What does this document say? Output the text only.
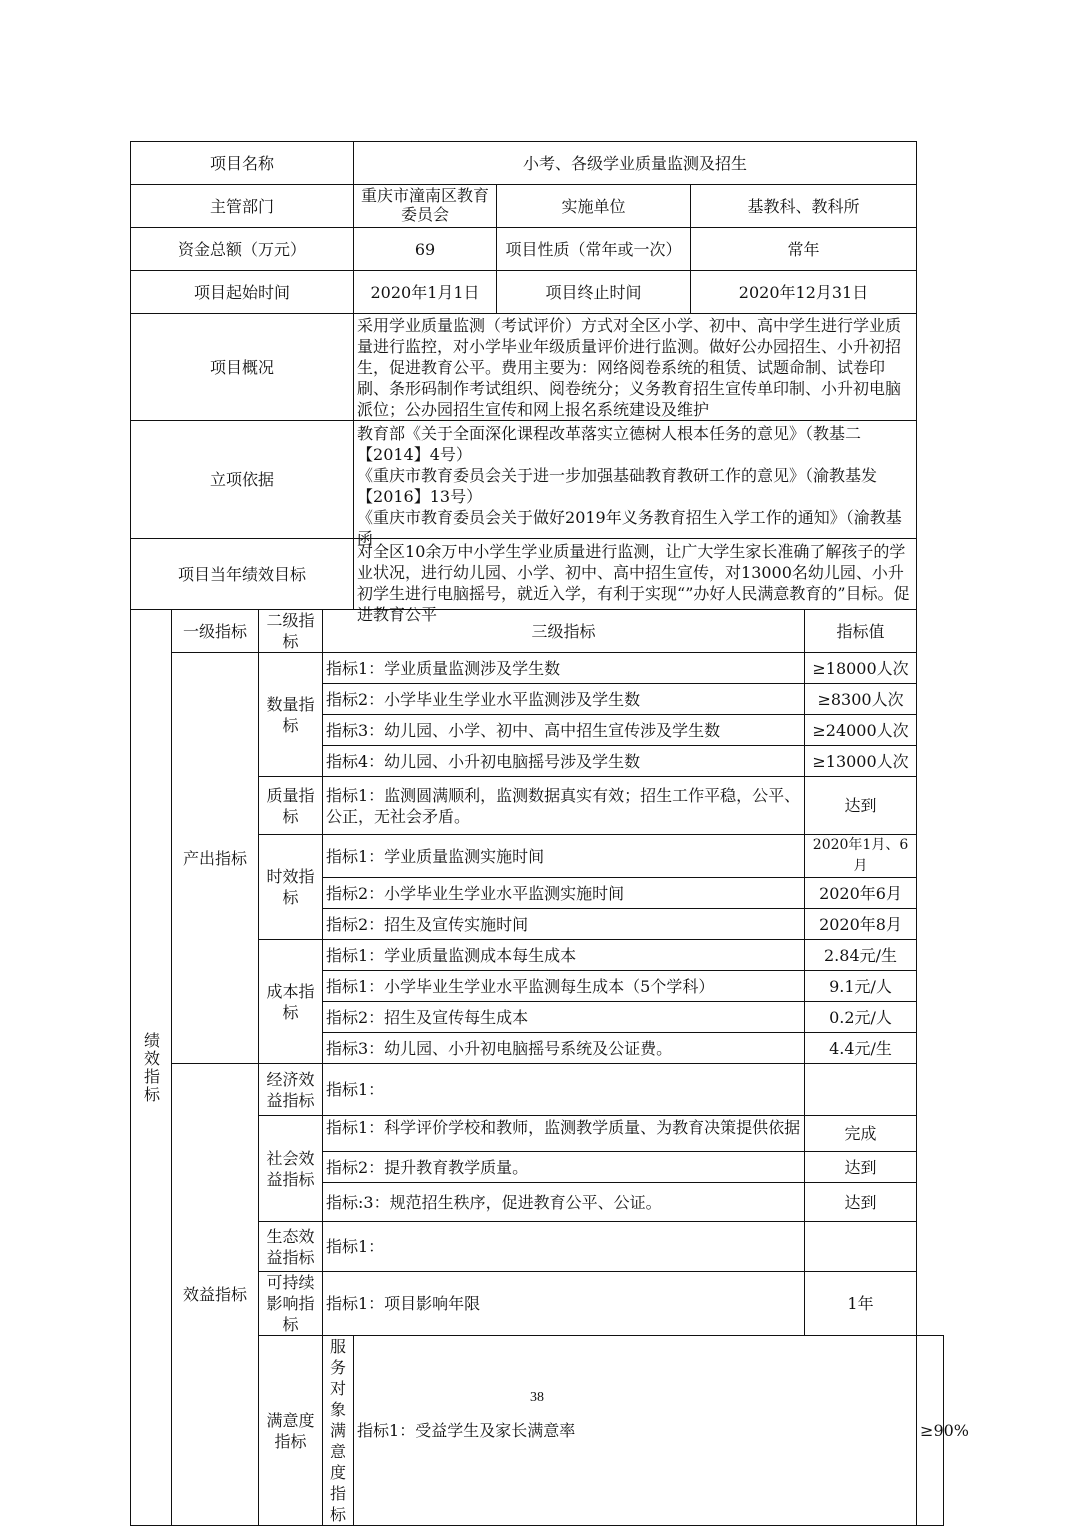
项目名称				小考、各级学业质量监测及招生				
主管部门				重庆市潼南区教育委员会	实施单位	基教科、教科所		
资金总额（万元）				69	项目性质（常年或一次）	常年		
项目起始时间				2020年1月1日	项目终止时间	2020年12月31日		
项目概况				采用学业质量监测（考试评价）方式对全区小学、初中、高中学生进行学业质量进行监控，对小学毕业年级质量评价进行监测。做好公办园招生、小升初招生，促进教育公平。费用主要为：网络阅卷系统的租赁、试题命制、试卷印刷、条形码制作考试组织、阅卷统分；义务教育招生宣传单印制、小升初电脑派位；公办园招生宣传和网上报名系统建设及维护				

立项依据				教育部《关于全面深化课程改革落实立德树人根本任务的意见》（教基二【2014】4号）
《重庆市教育委员会关于进一步加强基础教育教研工作的意见》（渝教基发【2016】13号）
《重庆市教育委员会关于做好2019年义务教育招生入学工作的通知》（渝教基函				

项目当年绩效目标				对全区10余万中小学生学业质量进行监测，让广大学生家长准确了解孩子的学业状况，进行幼儿园、小学、初中、高中招生宣传，对13000名幼儿园、小升初学生进行电脑摇号，就近入学，有利于实现“”办好人民满意教育的”目标。促进教育公平				

绩效指标	一级指标	二级指标	三级指标				指标值	
	产出指标	数量指标	指标1：学业质量监测涉及学生数				≥18000人次	
			指标2：小学毕业生学业水平监测涉及学生数				≥8300人次	
			指标3：幼儿园、小学、初中、高中招生宣传涉及学生数				≥24000人次	
			指标4：幼儿园、小升初电脑摇号涉及学生数				≥13000人次	
		质量指标	指标1：监测圆满顺利，监测数据真实有效；招生工作平稳，公平、公正，无社会矛盾。				达到	
		时效指标	指标1：学业质量监测实施时间				2020年1月、6月	
			指标2：小学毕业生学业水平监测实施时间				2020年6月	
			指标2：招生及宣传实施时间				2020年8月	
		成本指标	指标1：学业质量监测成本每生成本				2.84元/生	
			指标1：小学毕业生学业水平监测每生成本（5个学科）				9.1元/人	
			指标2：招生及宣传每生成本				0.2元/人	
			指标3：幼儿园、小升初电脑摇号系统及公证费。				4.4元/生	
	效益指标	经济效益指标	指标1：					
		社会效益指标	指标1：科学评价学校和教师，监测教学质量、为教育决策提供依据				完成	
			指标2：提升教育教学质量。				达到	
			指标:3：规范招生秩序，促进教育公平、公证。				达到	
		生态效益指标	指标1：					
		可持续影响指标	指标1：项目影响年限				1年	
		满意度指标	服务对象满意度指标	指标1：受益学生及家长满意率				≥90%
38
